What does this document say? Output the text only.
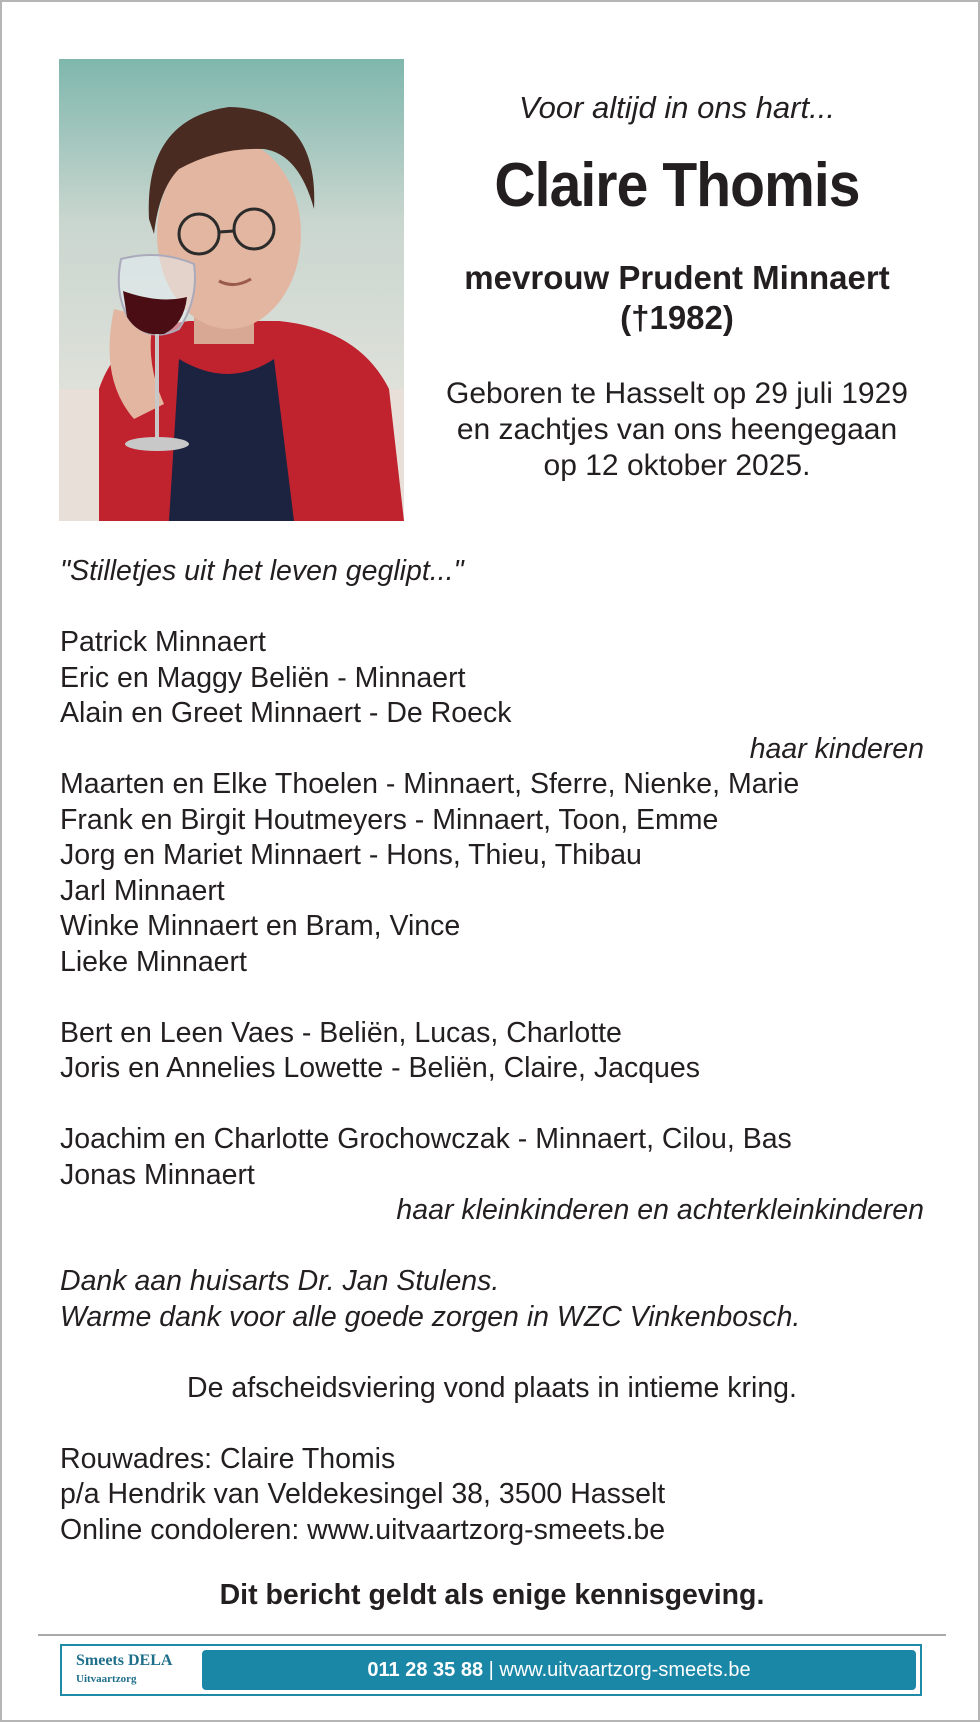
Voor altijd in ons hart...
Claire Thomis
mevrouw Prudent Minnaert
(†1982)
Geboren te Hasselt op 29 juli 1929
en zachtjes van ons heengegaan
op 12 oktober 2025.
"Stilletjes uit het leven geglipt..."
Patrick Minnaert
Eric en Maggy Beliën - Minnaert
Alain en Greet Minnaert - De Roeck
haar kinderen
Maarten en Elke Thoelen - Minnaert, Sferre, Nienke, Marie
Frank en Birgit Houtmeyers - Minnaert, Toon, Emme
Jorg en Mariet Minnaert - Hons, Thieu, Thibau
Jarl Minnaert
Winke Minnaert en Bram, Vince
Lieke Minnaert
Bert en Leen Vaes - Beliën, Lucas, Charlotte
Joris en Annelies Lowette - Beliën, Claire, Jacques
Joachim en Charlotte Grochowczak - Minnaert, Cilou, Bas
Jonas Minnaert
haar kleinkinderen en achterkleinkinderen
Dank aan huisarts Dr. Jan Stulens.
Warme dank voor alle goede zorgen in WZC Vinkenbosch.
De afscheidsviering vond plaats in intieme kring.
Rouwadres: Claire Thomis
p/a Hendrik van Veldekesingel 38, 3500 Hasselt
Online condoleren: www.uitvaartzorg-smeets.be
Dit bericht geldt als enige kennisgeving.
Smeets DELA
Uitvaartzorg	011 28 35 88 | www.uitvaartzorg-smeets.be
